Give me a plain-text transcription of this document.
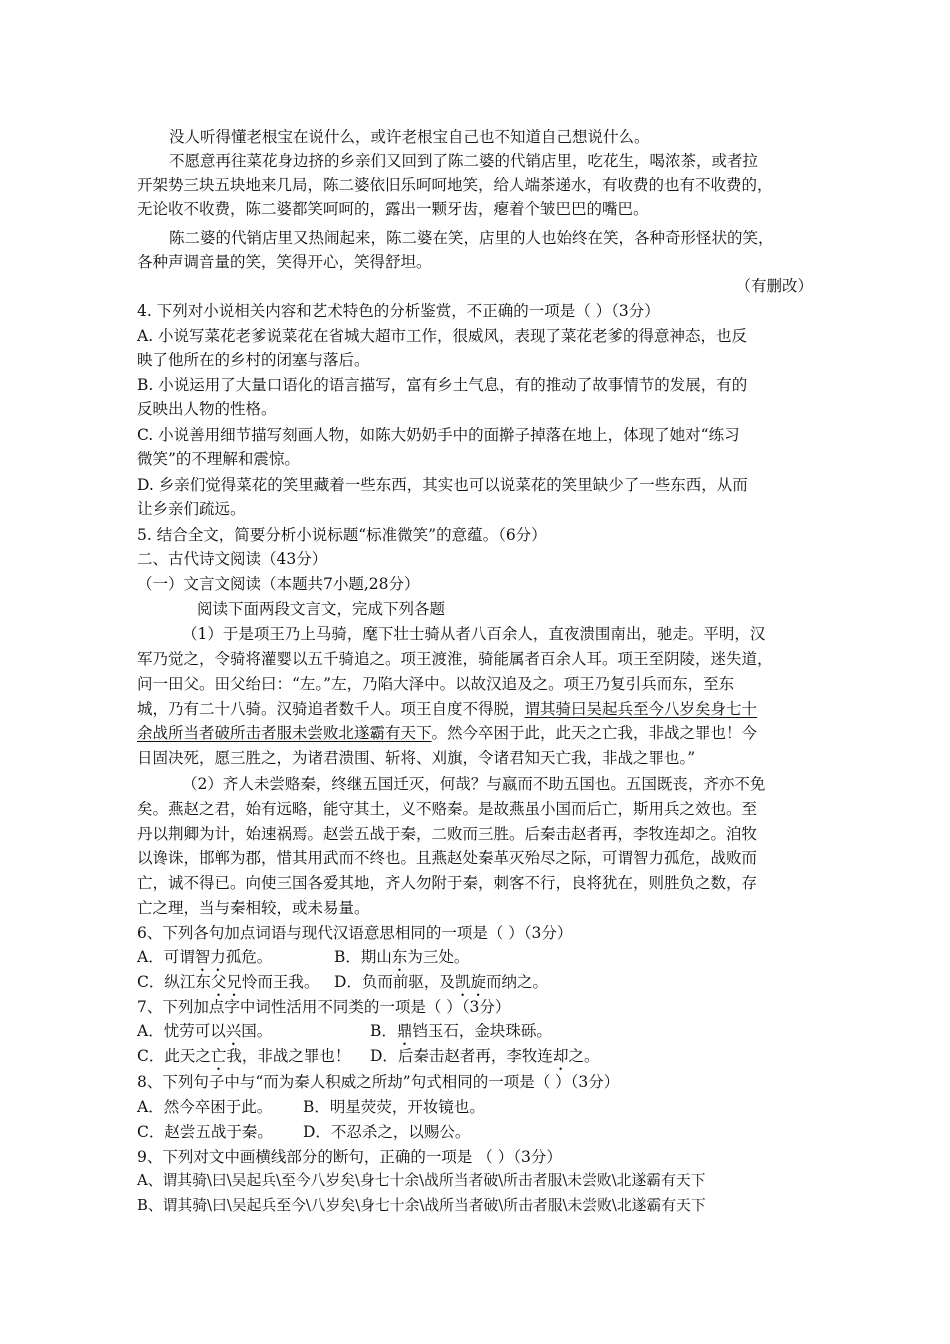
没人听得懂老根宝在说什么，或许老根宝自己也不知道自己想说什么。
不愿意再往菜花身边挤的乡亲们又回到了陈二婆的代销店里，吃花生，喝浓茶，或者拉
开架势三块五块地来几局，陈二婆依旧乐呵呵地笑，给人端茶递水，有收费的也有不收费的，
无论收不收费，陈二婆都笑呵呵的，露出一颗牙齿，瘪着个皱巴巴的嘴巴。
陈二婆的代销店里又热闹起来，陈二婆在笑，店里的人也始终在笑，各种奇形怪状的笑，
各种声调音量的笑，笑得开心，笑得舒坦。
（有删改）
4. 下列对小说相关内容和艺术特色的分析鉴赏，不正确的一项是（ ）（3分）
A. 小说写菜花老爹说菜花在省城大超市工作，很威风，表现了菜花老爹的得意神态，也反
映了他所在的乡村的闭塞与落后。
B. 小说运用了大量口语化的语言描写，富有乡土气息，有的推动了故事情节的发展，有的
反映出人物的性格。
C. 小说善用细节描写刻画人物，如陈大奶奶手中的面擀子掉落在地上，体现了她对“练习
微笑”的不理解和震惊。
D. 乡亲们觉得菜花的笑里藏着一些东西，其实也可以说菜花的笑里缺少了一些东西，从而
让乡亲们疏远。
5. 结合全文，简要分析小说标题“标准微笑”的意蕴。（6分）
二、古代诗文阅读（43分）
（一）文言文阅读（本题共7小题,28分）
阅读下面两段文言文，完成下列各题
（1）于是项王乃上马骑，麾下壮士骑从者八百余人，直夜溃围南出，驰走。平明，汉
军乃觉之，令骑将灌婴以五千骑追之。项王渡淮，骑能属者百余人耳。项王至阴陵，迷失道，
问一田父。田父绐曰：“左。”左，乃陷大泽中。以故汉追及之。项王乃复引兵而东，至东
城，乃有二十八骑。汉骑追者数千人。项王自度不得脱，谓其骑曰吴起兵至今八岁矣身七十
余战所当者破所击者服未尝败北遂霸有天下。然今卒困于此，此天之亡我，非战之罪也！今
日固决死，愿三胜之，为诸君溃围、斩将、刈旗，令诸君知天亡我，非战之罪也。”
（2）齐人未尝赂秦，终继五国迁灭，何哉？与嬴而不助五国也。五国既丧，齐亦不免
矣。燕赵之君，始有远略，能守其土，义不赂秦。是故燕虽小国而后亡，斯用兵之效也。至
丹以荆卿为计，始速祸焉。赵尝五战于秦，二败而三胜。后秦击赵者再，李牧连却之。洎牧
以谗诛，邯郸为郡，惜其用武而不终也。且燕赵处秦革灭殆尽之际，可谓智力孤危，战败而
亡，诚不得已。向使三国各爱其地，齐人勿附于秦，刺客不行，良将犹在，则胜负之数，存
亡之理，当与秦相较，或未易量。
6、下列各句加点词语与现代汉语意思相同的一项是（ ）（3分）
A．可谓智力孤危。	B．期山东为三处。
C．纵江东父兄怜而王我。 D．负而前驱，及凯旋而纳之。
7、下列加点字中词性活用不同类的一项是（ ）（3分）
A．忧劳可以兴国。	B．鼎铛玉石，金块珠砾。
C．此天之亡我，非战之罪也！ D．后秦击赵者再，李牧连却之。
8、下列句子中与“而为秦人积威之所劫”句式相同的一项是（ ）（3分）
A．然今卒困于此。 B．明星荧荧，开妆镜也。
C．赵尝五战于秦。 D．不忍杀之，以赐公。
9、下列对文中画横线部分的断句，正确的一项是 （ ）（3分）
A、谓其骑\曰\吴起兵\至今八岁矣\身七十余\战所当者破\所击者服\未尝败\北遂霸有天下
B、谓其骑\曰\吴起兵至今\八岁矣\身七十余\战所当者破\所击者服\未尝败\北遂霸有天下
